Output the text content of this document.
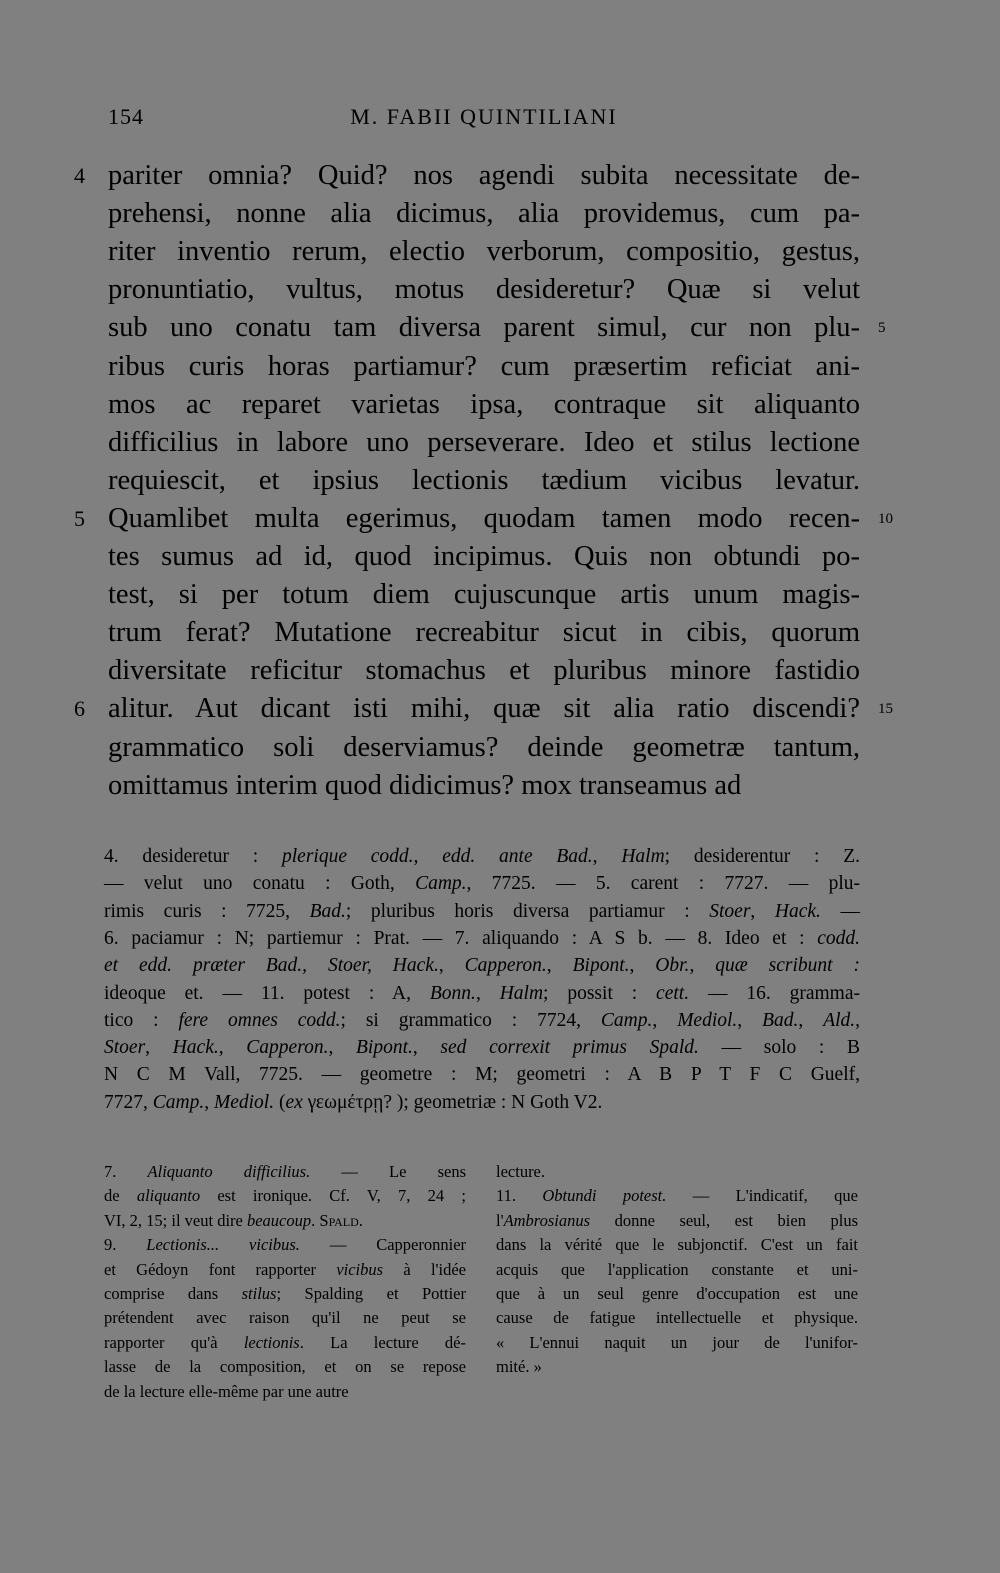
154	M. FABII QUINTILIANI
4 pariter omnia? Quid? nos agendi subita necessitate de-
prehensi, nonne alia dicimus, alia providemus, cum pa-
riter inventio rerum, electio verborum, compositio, gestus,
pronuntiatio, vultus, motus desideretur? Quæ si velut
sub uno conatu tam diversa parent simul, cur non plu- 5
ribus curis horas partiamur? cum præsertim reficiat ani-
mos ac reparet varietas ipsa, contraque sit aliquanto
difficilius in labore uno perseverare. Ideo et stilus lectione
requiescit, et ipsius lectionis tædium vicibus levatur.
5 Quamlibet multa egerimus, quodam tamen modo recen- 10
tes sumus ad id, quod incipimus. Quis non obtundi po-
test, si per totum diem cujuscunque artis unum magis-
trum ferat? Mutatione recreabitur sicut in cibis, quorum
diversitate reficitur stomachus et pluribus minore fastidio
6 alitur. Aut dicant isti mihi, quæ sit alia ratio discendi? 15
grammatico soli deserviamus? deinde geometræ tantum,
omittamus interim quod didicimus? mox transeamus ad
4. desideretur : plerique codd., edd. ante Bad., Halm; desiderentur : Z.
— velut uno conatu : Goth, Camp., 7725. — 5. carent : 7727. — plu-
rimis curis : 7725, Bad.; pluribus horis diversa partiamur : Stoer, Hack. —
6. paciamur : N; partiemur : Prat. — 7. aliquando : A S b. — 8. Ideo et : codd.
et edd. præter Bad., Stoer, Hack., Capperon., Bipont., Obr., quæ scribunt :
ideoque et. — 11. potest : A, Bonn., Halm; possit : cett. — 16. gramma-
tico : fere omnes codd.; si grammatico : 7724, Camp., Mediol., Bad., Ald.,
Stoer, Hack., Capperon., Bipont., sed correxit primus Spald. — solo : B
N C M Vall, 7725. — geometre : M; geometri : A B P T F C Guelf,
7727, Camp., Mediol. (ex γεωμέτρῃ? ); geometriæ : N Goth V2.
7. Aliquanto difficilius. — Le sens
de aliquanto est ironique. Cf. V, 7, 24 ;
VI, 2, 15; il veut dire beaucoup. Spald.
9. Lectionis... vicibus. — Capperonnier
et Gédoyn font rapporter vicibus à l'idée
comprise dans stilus; Spalding et Pottier
prétendent avec raison qu'il ne peut se
rapporter qu'à lectionis. La lecture dé-
lasse de la composition, et on se repose
de la lecture elle-même par une autre
lecture.
11. Obtundi potest. — L'indicatif, que
l'Ambrosianus donne seul, est bien plus
dans la vérité que le subjonctif. C'est un fait
acquis que l'application constante et uni-
que à un seul genre d'occupation est une
cause de fatigue intellectuelle et physique.
« L'ennui naquit un jour de l'unifor-
mité. »
